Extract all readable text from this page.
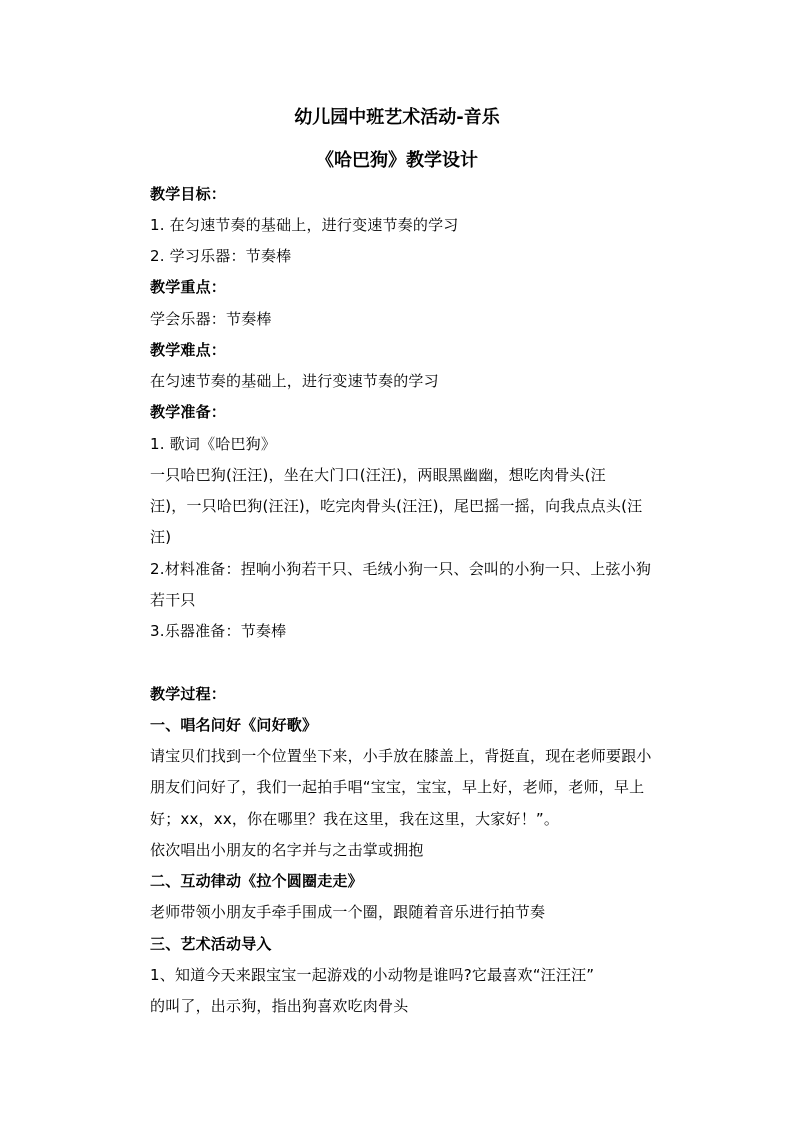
幼儿园中班艺术活动-音乐
《哈巴狗》教学设计
教学目标：
1. 在匀速节奏的基础上，进行变速节奏的学习
2. 学习乐器：节奏棒
教学重点：
学会乐器：节奏棒
教学难点：
在匀速节奏的基础上，进行变速节奏的学习
教学准备：
1. 歌词《哈巴狗》
一只哈巴狗(汪汪)，坐在大门口(汪汪)，两眼黑幽幽，想吃肉骨头(汪
汪)，一只哈巴狗(汪汪)，吃完肉骨头(汪汪)，尾巴摇一摇，向我点点头(汪
汪)
2.材料准备：捏响小狗若干只、毛绒小狗一只、会叫的小狗一只、上弦小狗
若干只
3.乐器准备：节奏棒
教学过程：
一、唱名问好《问好歌》
请宝贝们找到一个位置坐下来，小手放在膝盖上，背挺直，现在老师要跟小
朋友们问好了，我们一起拍手唱“宝宝，宝宝，早上好，老师，老师，早上
好；xx，xx，你在哪里？我在这里，我在这里，大家好！”。
依次唱出小朋友的名字并与之击掌或拥抱
二、互动律动《拉个圆圈走走》
老师带领小朋友手牵手围成一个圈，跟随着音乐进行拍节奏
三、艺术活动导入
1、知道今天来跟宝宝一起游戏的小动物是谁吗?它最喜欢“汪汪汪”
的叫了，出示狗，指出狗喜欢吃肉骨头
